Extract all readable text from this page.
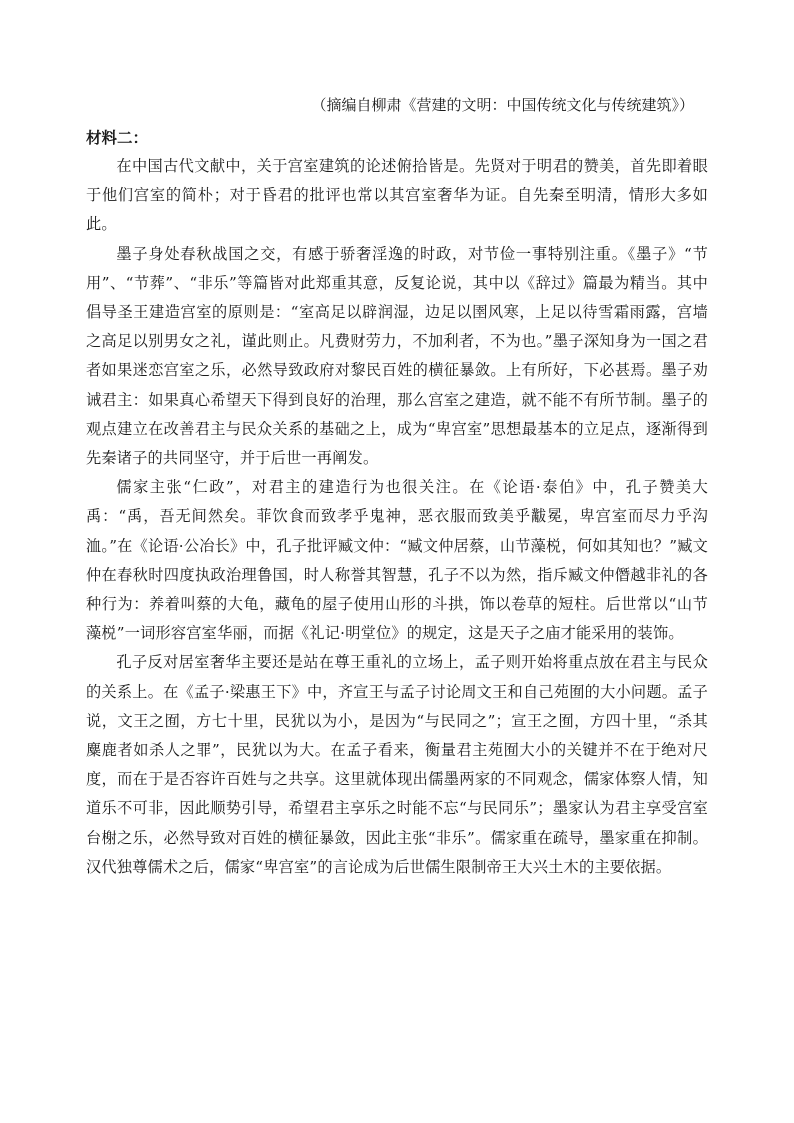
（摘编自柳肃《营建的文明：中国传统文化与传统建筑》）
材料二：

在中国古代文献中，关于宫室建筑的论述俯拾皆是。先贤对于明君的赞美，首先即着眼于他们宫室的简朴；对于昏君的批评也常以其宫室奢华为证。自先秦至明清，情形大多如此。

墨子身处春秋战国之交，有感于骄奢淫逸的时政，对节俭一事特别注重。《墨子》“节用”、“节葬”、“非乐”等篇皆对此郑重其意，反复论说，其中以《辞过》篇最为精当。其中倡导圣王建造宫室的原则是：“室高足以辟润湿，边足以圉风寒，上足以待雪霜雨露，宫墙之高足以别男女之礼，谨此则止。凡费财劳力，不加利者，不为也。”墨子深知身为一国之君者如果迷恋宫室之乐，必然导致政府对黎民百姓的横征暴敛。上有所好，下必甚焉。墨子劝诫君主：如果真心希望天下得到良好的治理，那么宫室之建造，就不能不有所节制。墨子的观点建立在改善君主与民众关系的基础之上，成为“卑宫室”思想最基本的立足点，逐渐得到先秦诸子的共同坚守，并于后世一再阐发。

儒家主张“仁政”，对君主的建造行为也很关注。在《论语·泰伯》中，孔子赞美大禹：“禹，吾无间然矣。菲饮食而致孝乎鬼神，恶衣服而致美乎黻冕，卑宫室而尽力乎沟洫。”在《论语·公冶长》中，孔子批评臧文仲：“臧文仲居蔡，山节藻棁，何如其知也？”臧文仲在春秋时四度执政治理鲁国，时人称誉其智慧，孔子不以为然，指斥臧文仲僭越非礼的各种行为：养着叫蔡的大龟，藏龟的屋子使用山形的斗拱，饰以卷草的短柱。后世常以“山节藻棁”一词形容宫室华丽，而据《礼记·明堂位》的规定，这是天子之庙才能采用的装饰。

孔子反对居室奢华主要还是站在尊王重礼的立场上，孟子则开始将重点放在君主与民众的关系上。在《孟子·梁惠王下》中，齐宣王与孟子讨论周文王和自己苑囿的大小问题。孟子说，文王之囿，方七十里，民犹以为小，是因为“与民同之”；宣王之囿，方四十里，“杀其麋鹿者如杀人之罪”，民犹以为大。在孟子看来，衡量君主苑囿大小的关键并不在于绝对尺度，而在于是否容许百姓与之共享。这里就体现出儒墨两家的不同观念，儒家体察人情，知道乐不可非，因此顺势引导，希望君主享乐之时能不忘“与民同乐”；墨家认为君主享受宫室台榭之乐，必然导致对百姓的横征暴敛，因此主张“非乐”。儒家重在疏导，墨家重在抑制。汉代独尊儒术之后，儒家“卑宫室”的言论成为后世儒生限制帝王大兴土木的主要依据。
